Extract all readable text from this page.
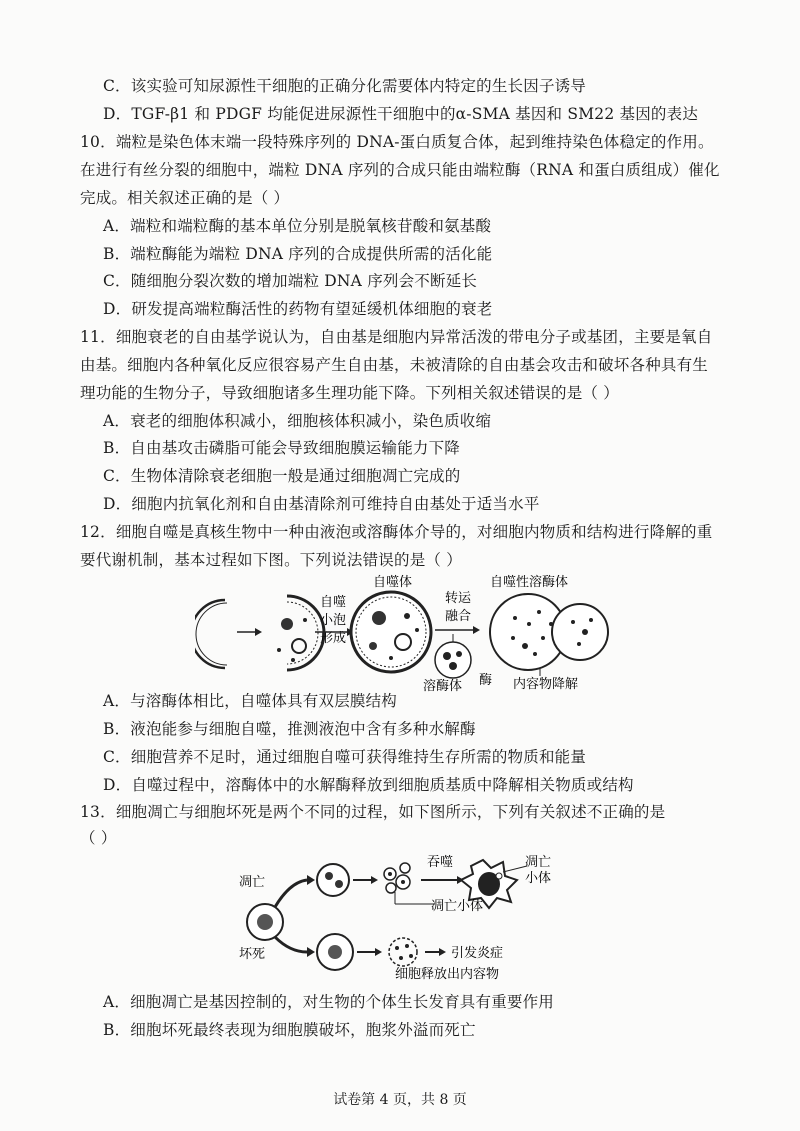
C．该实验可知尿源性干细胞的正确分化需要体内特定的生长因子诱导
D．TGF-β1 和 PDGF 均能促进尿源性干细胞中的α-SMA 基因和 SM22 基因的表达
10．端粒是染色体末端一段特殊序列的 DNA-蛋白质复合体，起到维持染色体稳定的作用。
在进行有丝分裂的细胞中，端粒 DNA 序列的合成只能由端粒酶（RNA 和蛋白质组成）催化
完成。相关叙述正确的是（ ）
A．端粒和端粒酶的基本单位分别是脱氧核苷酸和氨基酸
B．端粒酶能为端粒 DNA 序列的合成提供所需的活化能
C．随细胞分裂次数的增加端粒 DNA 序列会不断延长
D．研发提高端粒酶活性的药物有望延缓机体细胞的衰老
11．细胞衰老的自由基学说认为，自由基是细胞内异常活泼的带电分子或基团，主要是氧自
由基。细胞内各种氧化反应很容易产生自由基，未被清除的自由基会攻击和破坏各种具有生
理功能的生物分子，导致细胞诸多生理功能下降。下列相关叙述错误的是（ ）
A．衰老的细胞体积减小，细胞核体积减小，染色质收缩
B．自由基攻击磷脂可能会导致细胞膜运输能力下降
C．生物体清除衰老细胞一般是通过细胞凋亡完成的
D．细胞内抗氧化剂和自由基清除剂可维持自由基处于适当水平
12．细胞自噬是真核生物中一种由液泡或溶酶体介导的，对细胞内物质和结构进行降解的重
要代谢机制，基本过程如下图。下列说法错误的是（ ）
自噬
小泡
形成
自噬体
转运
融合
溶酶体 酶
自噬性溶酶体
内容物降解
A．与溶酶体相比，自噬体具有双层膜结构
B．液泡能参与细胞自噬，推测液泡中含有多种水解酶
C．细胞营养不足时，通过细胞自噬可获得维持生存所需的物质和能量
D．自噬过程中，溶酶体中的水解酶释放到细胞质基质中降解相关物质或结构
13．细胞凋亡与细胞坏死是两个不同的过程，如下图所示，下列有关叙述不正确的是
（ ）
凋亡
坏死
吞噬	凋亡
小体
凋亡小体
引发炎症
细胞释放出内容物
A．细胞凋亡是基因控制的，对生物的个体生长发育具有重要作用
B．细胞坏死最终表现为细胞膜破坏，胞浆外溢而死亡
试卷第 4 页，共 8 页
